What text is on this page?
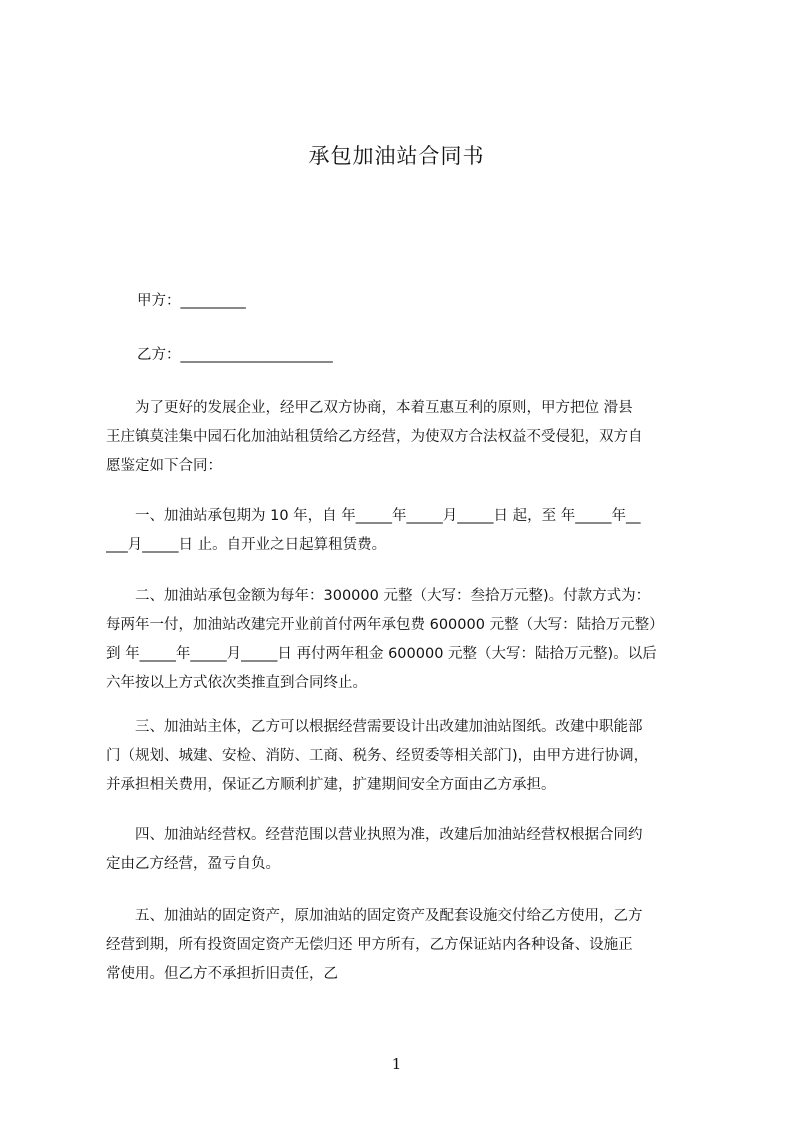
承包加油站合同书
甲方：_________
乙方：_____________________
　　为了更好的发展企业，经甲乙双方协商，本着互惠互利的原则，甲方把位 滑县
王庄镇莫洼集中园石化加油站租赁给乙方经营，为使双方合法权益不受侵犯，双方自
愿鉴定如下合同：
　　一、加油站承包期为 10 年，自 年_____年_____月_____日 起，至 年_____年__
___月_____日 止。自开业之日起算租赁费。
　　二、加油站承包金额为每年：300000 元整（大写：叁拾万元整)。付款方式为：
每两年一付，加油站改建完开业前首付两年承包费 600000 元整（大写：陆拾万元整）
到 年_____年_____月_____日 再付两年租金 600000 元整（大写：陆拾万元整)。以后
六年按以上方式依次类推直到合同终止。
　　三、加油站主体，乙方可以根据经营需要设计出改建加油站图纸。改建中职能部
门（规划、城建、安检、消防、工商、税务、经贸委等相关部门)，由甲方进行协调，
并承担相关费用，保证乙方顺利扩建，扩建期间安全方面由乙方承担。
　　四、加油站经营权。经营范围以营业执照为准，改建后加油站经营权根据合同约
定由乙方经营，盈亏自负。
　　五、加油站的固定资产，原加油站的固定资产及配套设施交付给乙方使用，乙方
经营到期，所有投资固定资产无偿归还 甲方所有，乙方保证站内各种设备、设施正
常使用。但乙方不承担折旧责任，乙
1
